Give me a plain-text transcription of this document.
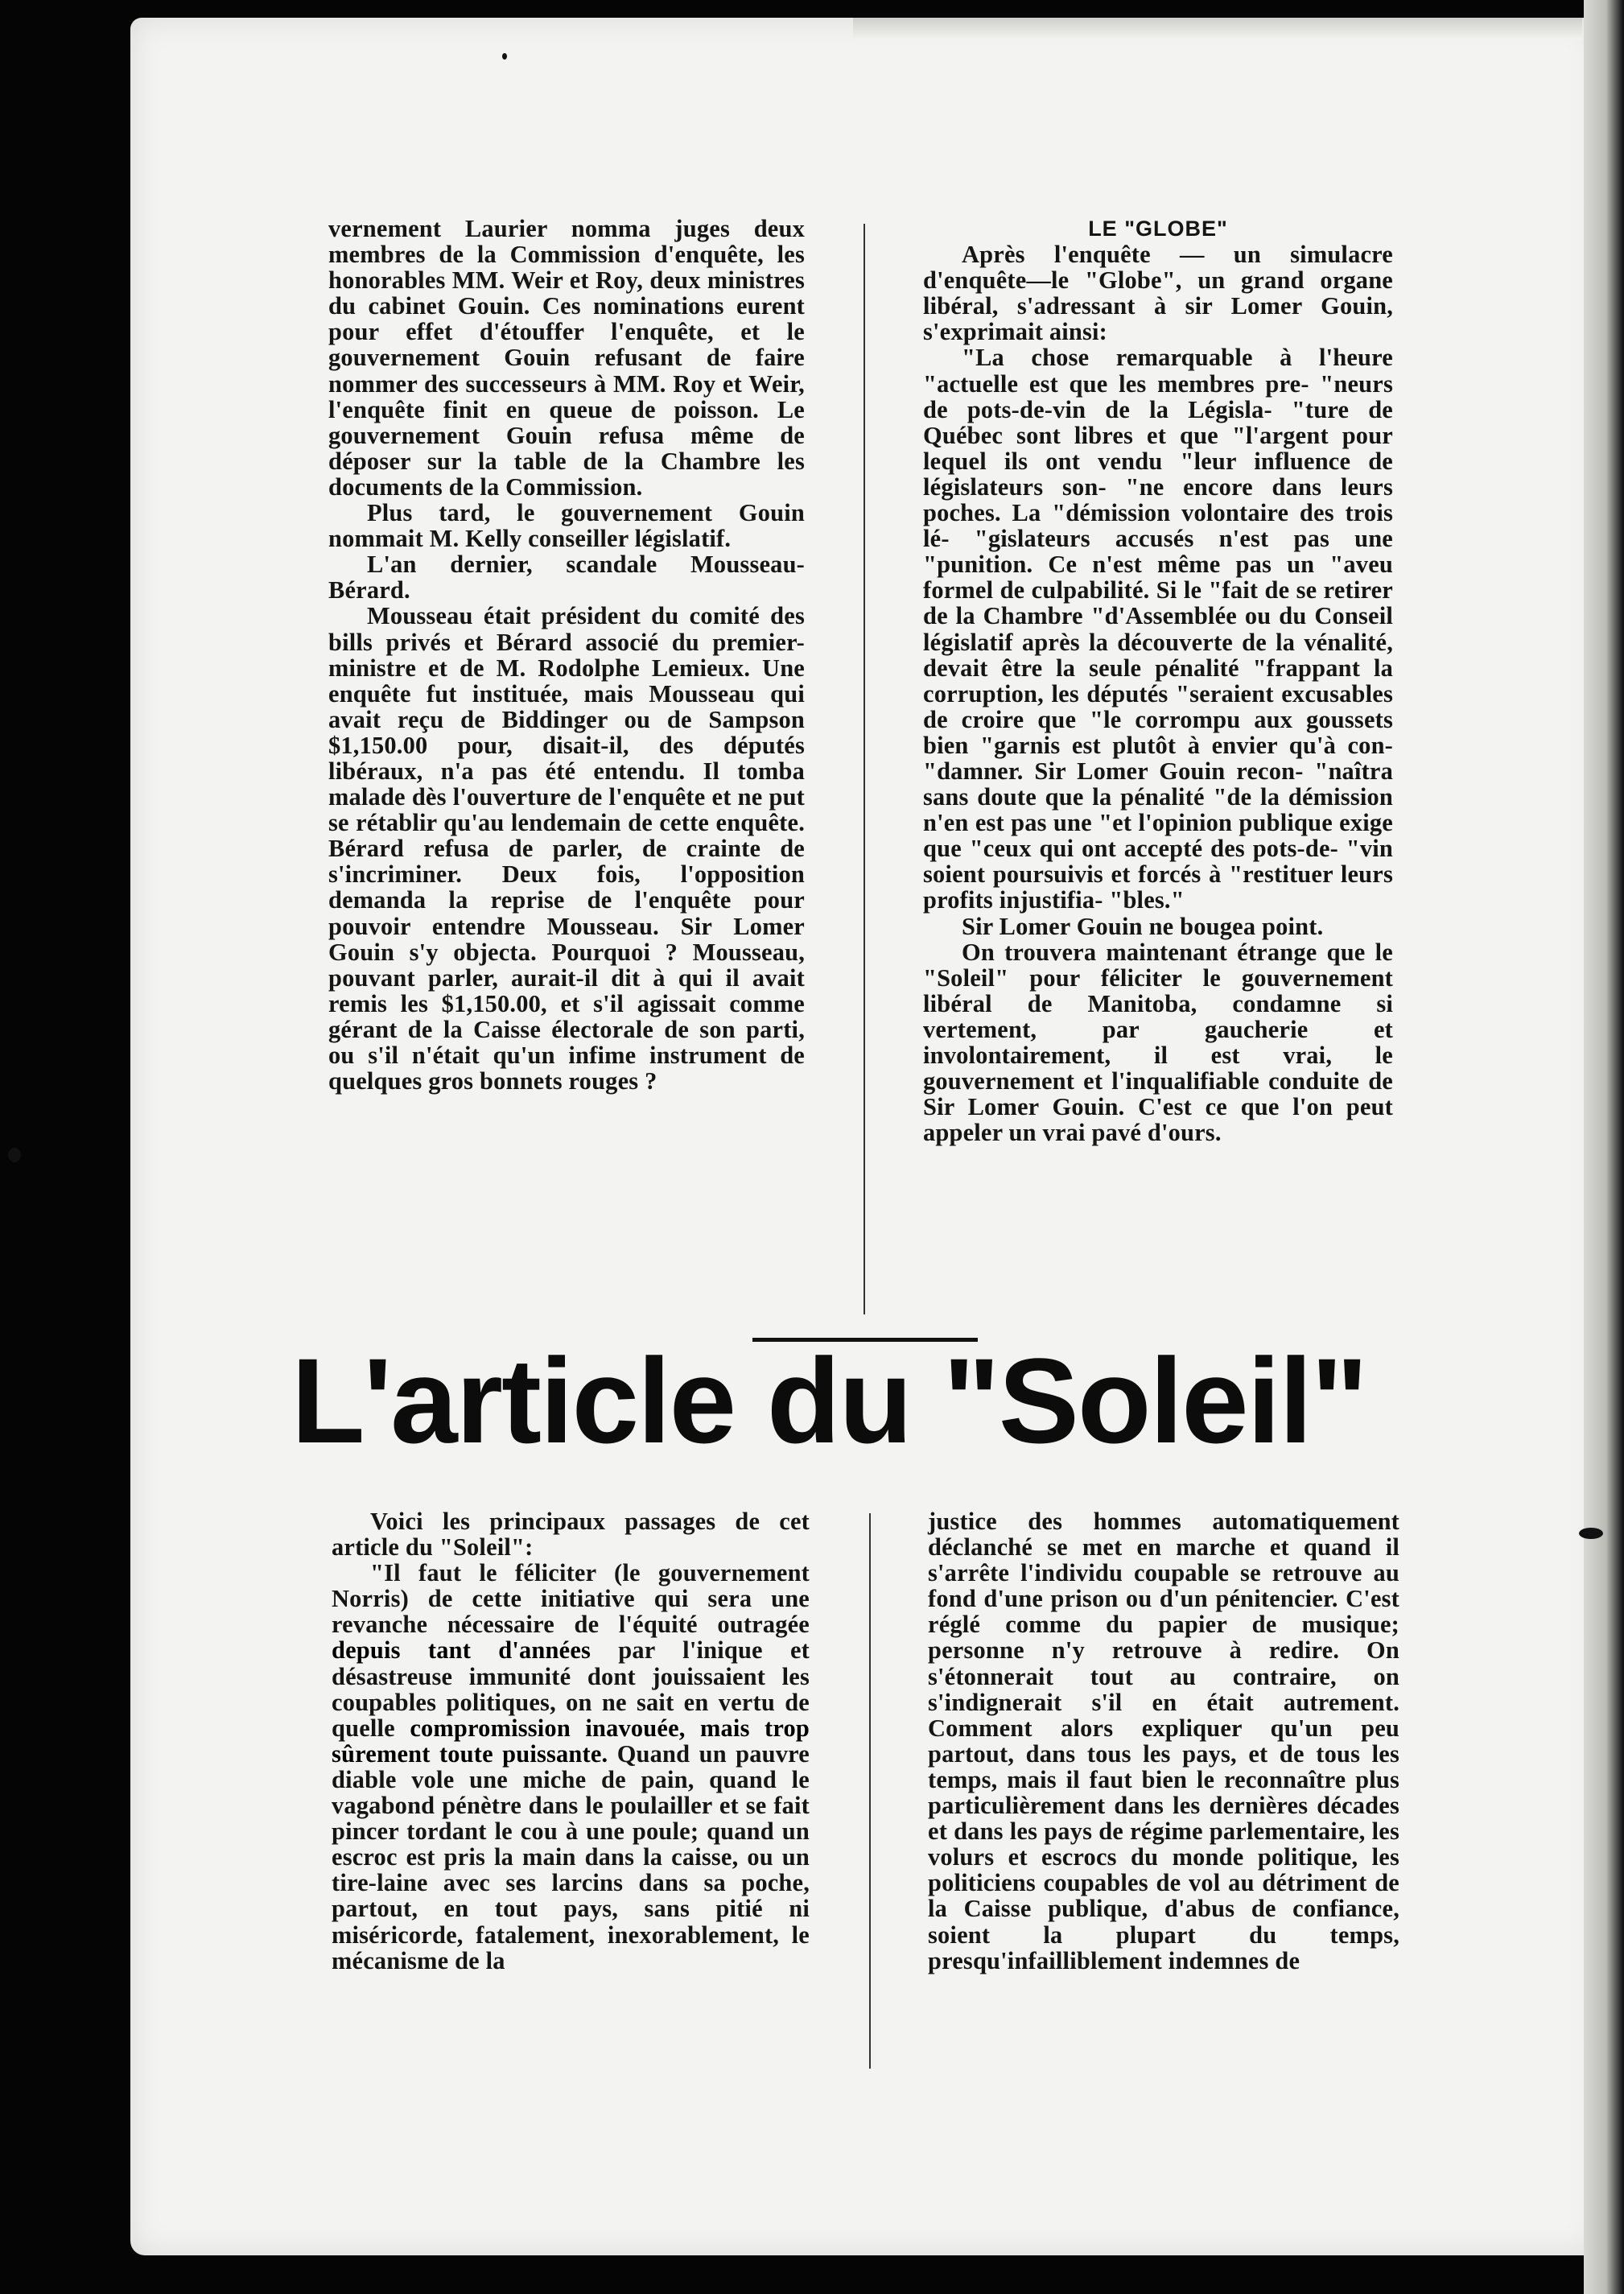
vernement Laurier nomma juges deux membres de la Commission d'enquête, les honorables MM. Weir et Roy, deux ministres du cabinet Gouin. Ces nominations eurent pour effet d'étouffer l'enquête, et le gouvernement Gouin refusant de faire nommer des successeurs à MM. Roy et Weir, l'enquête finit en queue de poisson. Le gouvernement Gouin refusa même de déposer sur la table de la Chambre les documents de la Commission.

Plus tard, le gouvernement Gouin nommait M. Kelly conseiller législatif.

L'an dernier, scandale Mousseau-Bérard.

Mousseau était président du comité des bills privés et Bérard associé du premier-ministre et de M. Rodolphe Lemieux. Une enquête fut instituée, mais Mousseau qui avait reçu de Biddinger ou de Sampson $1,150.00 pour, disait-il, des députés libéraux, n'a pas été entendu. Il tomba malade dès l'ouverture de l'enquête et ne put se rétablir qu'au lendemain de cette enquête. Bérard refusa de parler, de crainte de s'incriminer. Deux fois, l'opposition demanda la reprise de l'enquête pour pouvoir entendre Mousseau. Sir Lomer Gouin s'y objecta. Pourquoi ? Mousseau, pouvant parler, aurait-il dit à qui il avait remis les $1,150.00, et s'il agissait comme gérant de la Caisse électorale de son parti, ou s'il n'était qu'un infime instrument de quelques gros bonnets rouges ?

LE "GLOBE"

Après l'enquête — un simulacre d'enquête—le "Globe", un grand organe libéral, s'adressant à sir Lomer Gouin, s'exprimait ainsi:

"La chose remarquable à l'heure "actuelle est que les membres pre- "neurs de pots-de-vin de la Législa- "ture de Québec sont libres et que "l'argent pour lequel ils ont vendu "leur influence de législateurs son- "ne encore dans leurs poches. La "démission volontaire des trois lé- "gislateurs accusés n'est pas une "punition. Ce n'est même pas un "aveu formel de culpabilité. Si le "fait de se retirer de la Chambre "d'Assemblée ou du Conseil législatif après la découverte de la vénalité, devait être la seule pénalité "frappant la corruption, les députés "seraient excusables de croire que "le corrompu aux goussets bien "garnis est plutôt à envier qu'à con- "damner. Sir Lomer Gouin recon- "naîtra sans doute que la pénalité "de la démission n'en est pas une "et l'opinion publique exige que "ceux qui ont accepté des pots-de- "vin soient poursuivis et forcés à "restituer leurs profits injustifia- "bles."

Sir Lomer Gouin ne bougea point.

On trouvera maintenant étrange que le "Soleil" pour féliciter le gouvernement libéral de Manitoba, condamne si vertement, par gaucherie et involontairement, il est vrai, le gouvernement et l'inqualifiable conduite de Sir Lomer Gouin. C'est ce que l'on peut appeler un vrai pavé d'ours.

L'article du "Soleil"

Voici les principaux passages de cet article du "Soleil":

"Il faut le féliciter (le gouvernement Norris) de cette initiative qui sera une revanche nécessaire de l'équité outragée depuis tant d'années par l'inique et désastreuse immunité dont jouissaient les coupables politiques, on ne sait en vertu de quelle compromission inavouée, mais trop sûrement toute puissante. Quand un pauvre diable vole une miche de pain, quand le vagabond pénètre dans le poulailler et se fait pincer tordant le cou à une poule; quand un escroc est pris la main dans la caisse, ou un tire-laine avec ses larcins dans sa poche, partout, en tout pays, sans pitié ni miséricorde, fatalement, inexorablement, le mécanisme de la

justice des hommes automatiquement déclanché se met en marche et quand il s'arrête l'individu coupable se retrouve au fond d'une prison ou d'un pénitencier. C'est réglé comme du papier de musique; personne n'y retrouve à redire. On s'étonnerait tout au contraire, on s'indignerait s'il en était autrement. Comment alors expliquer qu'un peu partout, dans tous les pays, et de tous les temps, mais il faut bien le reconnaître plus particulièrement dans les dernières décades et dans les pays de régime parlementaire, les volurs et escrocs du monde politique, les politiciens coupables de vol au détriment de la Caisse publique, d'abus de confiance, soient la plupart du temps, presqu'infailliblement indemnes de
